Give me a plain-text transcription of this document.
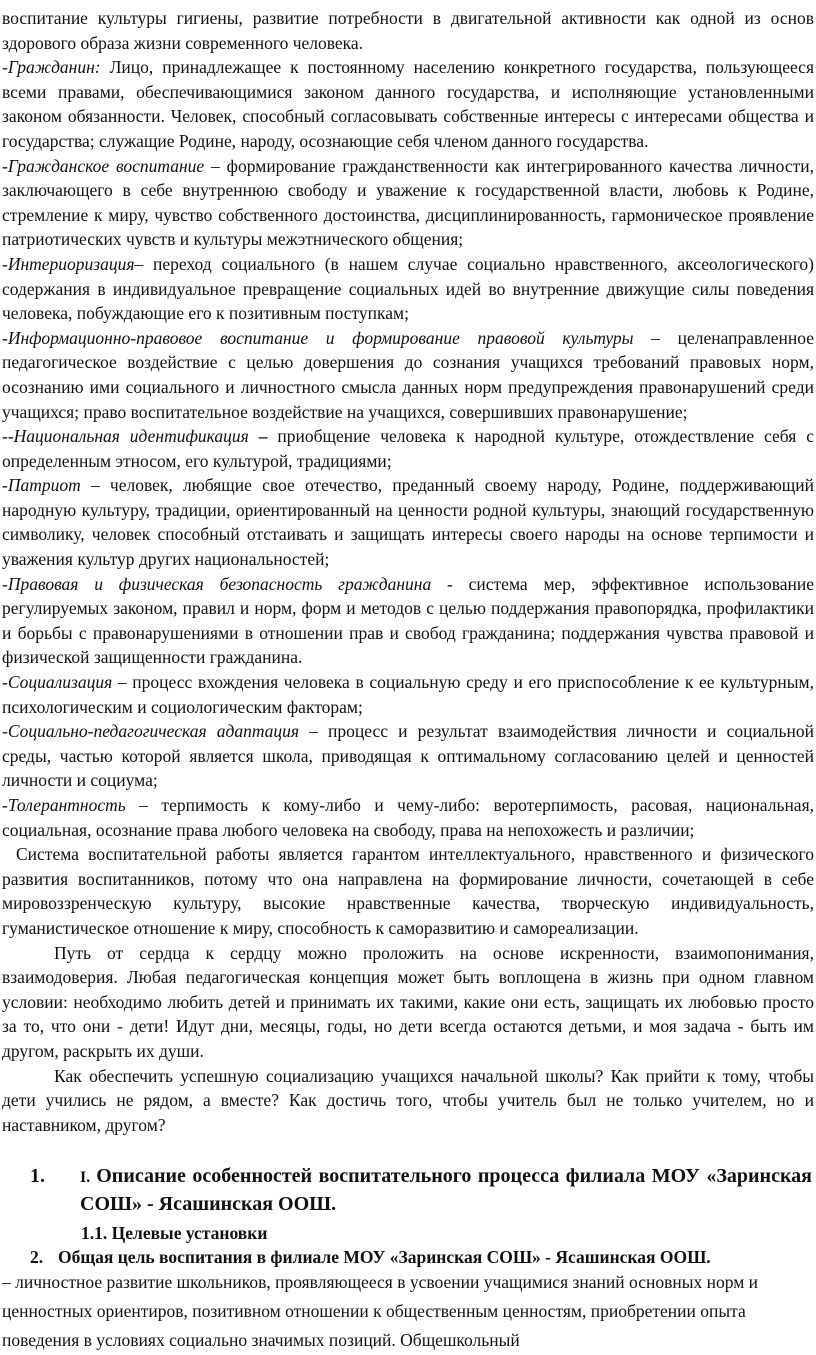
воспитание культуры гигиены, развитие потребности в двигательной активности как одной из основ здорового образа жизни современного человека.

-Гражданин: Лицо, принадлежащее к постоянному населению конкретного государства, пользующееся всеми правами, обеспечивающимися законом данного государства, и исполняющие установленными законом обязанности. Человек, способный согласовывать собственные интересы с интересами общества и государства; служащие Родине, народу, осознающие себя членом данного государства.

-Гражданское воспитание – формирование гражданственности как интегрированного качества личности, заключающего в себе внутреннюю свободу и уважение к государственной власти, любовь к Родине, стремление к миру, чувство собственного достоинства, дисциплинированность, гармоническое проявление патриотических чувств и культуры межэтнического общения;

-Интериоризация– переход социального (в нашем случае социально нравственного, аксеологического) содержания в индивидуальное превращение социальных идей во внутренние движущие силы поведения человека, побуждающие его к позитивным поступкам;

-Информационно-правовое воспитание и формирование правовой культуры – целенаправленное педагогическое воздействие с целью довершения до сознания учащихся требований правовых норм, осознанию ими социального и личностного смысла данных норм предупреждения правонарушений среди учащихся; право воспитательное воздействие на учащихся, совершивших правонарушение;

--Национальная идентификация – приобщение человека к народной культуре, отождествление себя с определенным этносом, его культурой, традициями;

-Патриот – человек, любящие свое отечество, преданный своему народу, Родине, поддерживающий народную культуру, традиции, ориентированный на ценности родной культуры, знающий государственную символику, человек способный отстаивать и защищать интересы своего народы на основе терпимости и уважения культур других национальностей;

-Правовая и физическая безопасность гражданина - система мер, эффективное использование регулируемых законом, правил и норм, форм и методов с целью поддержания правопорядка, профилактики и борьбы с правонарушениями в отношении прав и свобод гражданина; поддержания чувства правовой и физической защищенности гражданина.

-Социализация – процесс вхождения человека в социальную среду и его приспособление к ее культурным, психологическим и социологическим факторам;

-Социально-педагогическая адаптация – процесс и результат взаимодействия личности и социальной среды, частью которой является школа, приводящая к оптимальному согласованию целей и ценностей личности и социума;

-Толерантность – терпимость к кому-либо и чему-либо: веротерпимость, расовая, национальная, социальная, осознание права любого человека на свободу, права на непохожесть и различии;

Система воспитательной работы является гарантом интеллектуального, нравственного и физического развития воспитанников, потому что она направлена на формирование личности, сочетающей в себе мировоззренческую культуру, высокие нравственные качества, творческую индивидуальность, гуманистическое отношение к миру, способность к саморазвитию и самореализации.

Путь от сердца к сердцу можно проложить на основе искренности, взаимопонимания, взаимодоверия. Любая педагогическая концепция может быть воплощена в жизнь при одном главном условии: необходимо любить детей и принимать их такими, какие они есть, защищать их любовью просто за то, что они - дети! Идут дни, месяцы, годы, но дети всегда остаются детьми, и моя задача - быть им другом, раскрыть их души.

Как обеспечить успешную социализацию учащихся начальной школы? Как прийти к тому, чтобы дети учились не рядом, а вместе? Как достичь того, чтобы учитель был не только учителем, но и наставником, другом?

1.	I. Описание особенностей воспитательного процесса филиала МОУ «Заринская СОШ» - Ясашинская ООШ.
1.1. Целевые установки
2. Общая цель воспитания в филиале МОУ «Заринская СОШ» - Ясашинская ООШ.
– личностное развитие школьников, проявляющееся в усвоении учащимися знаний основных норм и ценностных ориентиров, позитивном отношении к общественным ценностям, приобретении опыта поведения в условиях социально значимых позиций. Общешкольный
